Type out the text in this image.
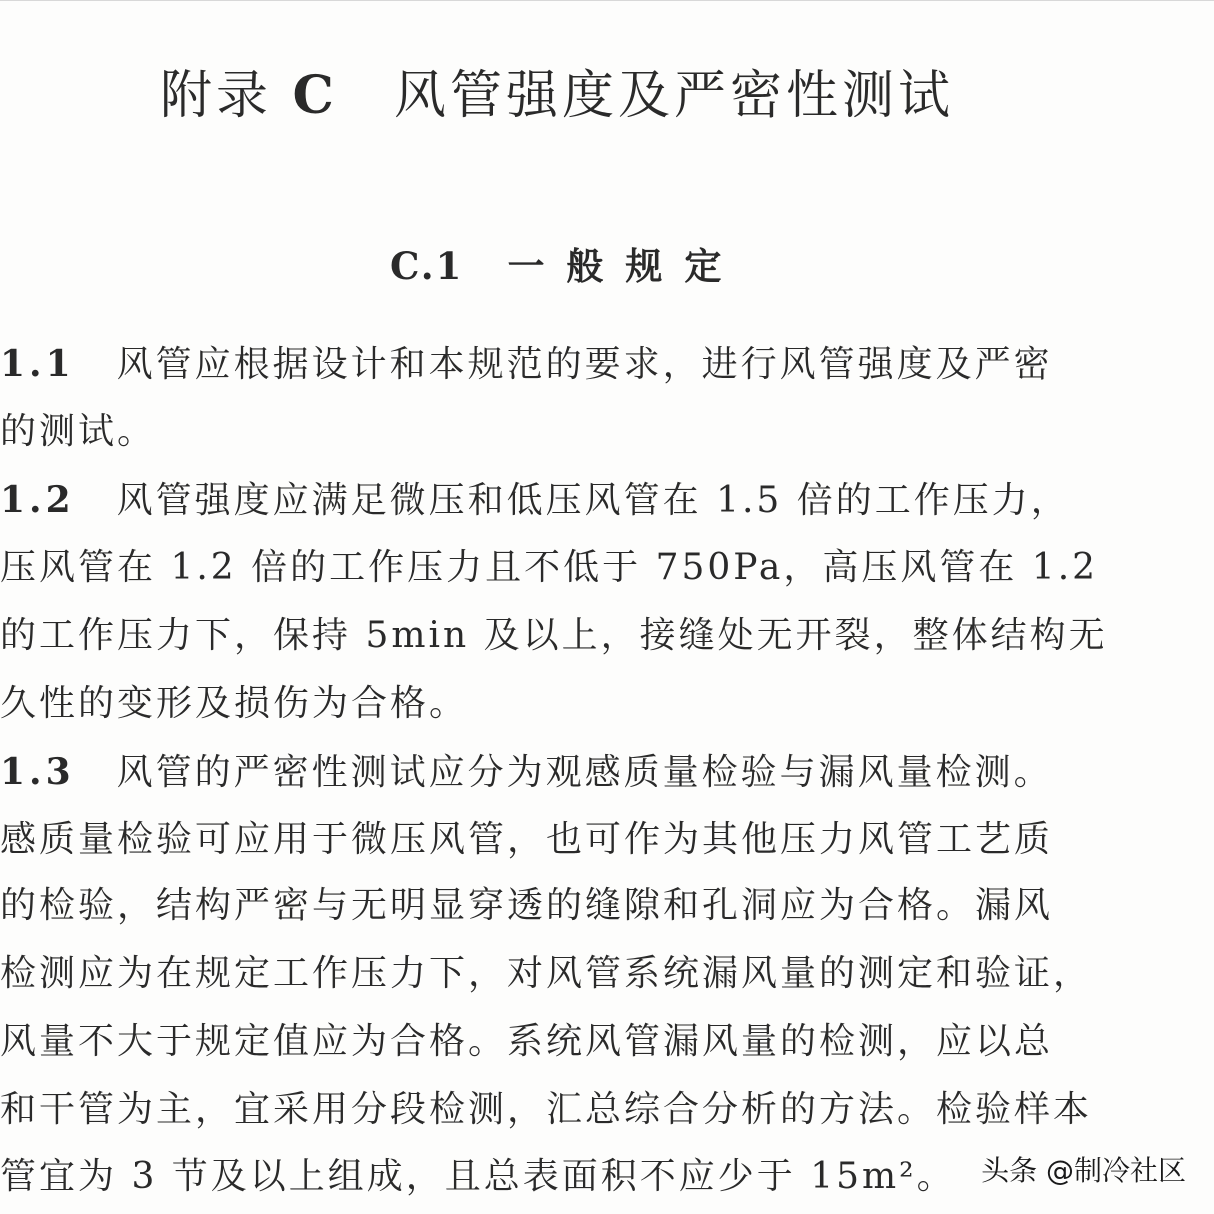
附录 C 风管强度及严密性测试
C.1 一般规定
1.1 风管应根据设计和本规范的要求，进行风管强度及严密
的测试。
1.2 风管强度应满足微压和低压风管在 1.5 倍的工作压力，
压风管在 1.2 倍的工作压力且不低于 750Pa，高压风管在 1.2
的工作压力下，保持 5min 及以上，接缝处无开裂，整体结构无
久性的变形及损伤为合格。
1.3 风管的严密性测试应分为观感质量检验与漏风量检测。
感质量检验可应用于微压风管，也可作为其他压力风管工艺质
的检验，结构严密与无明显穿透的缝隙和孔洞应为合格。漏风
检测应为在规定工作压力下，对风管系统漏风量的测定和验证，
风量不大于规定值应为合格。系统风管漏风量的检测，应以总
和干管为主，宜采用分段检测，汇总综合分析的方法。检验样本
管宜为 3 节及以上组成，且总表面积不应少于 15m²。 头条 @制冷社区
